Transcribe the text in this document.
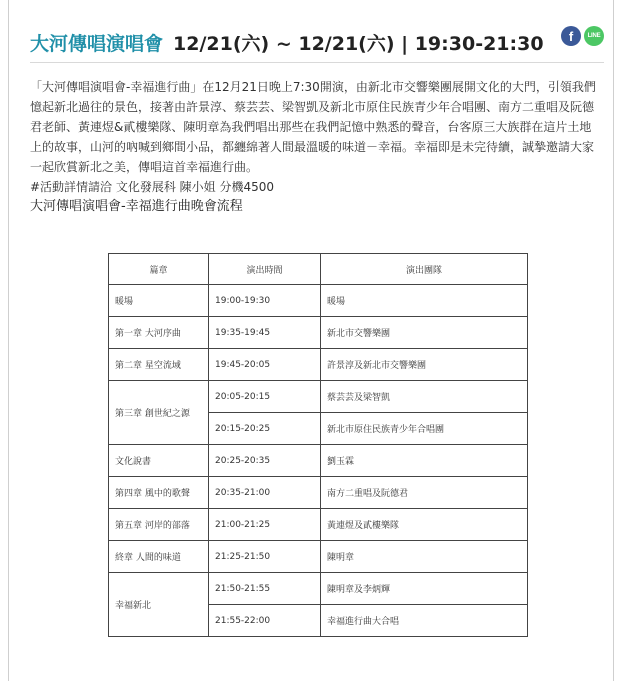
大河傳唱演唱會 12/21(六) ~ 12/21(六) | 19:30-21:30	f	LINE

「大河傳唱演唱會-幸福進行曲」在12月21日晚上7:30開演，由新北市交響樂團展開文化的大門，引領我們憶起新北過往的景色，接著由許景淳、蔡芸芸、梁智凱及新北市原住民族青少年合唱團、南方二重唱及阮德君老師、黃連煜&貳樓樂隊、陳明章為我們唱出那些在我們記憶中熟悉的聲音，台客原三大族群在這片土地上的故事，山河的吶喊到鄉間小品，都纏綿著人間最溫暖的味道－幸福。幸福即是未完待續，誠摯邀請大家一起欣賞新北之美，傳唱這首幸福進行曲。

#活動詳情請洽 文化發展科 陳小姐 分機4500

大河傳唱演唱會-幸福進行曲晚會流程

篇章	演出時間	演出團隊
暖場	19:00-19:30	暖場
第一章 大河序曲	19:35-19:45	新北市交響樂團
第二章 星空流域	19:45-20:05	許景淳及新北市交響樂團
第三章 創世紀之源	20:05-20:15	蔡芸芸及梁智凱
	20:15-20:25	新北市原住民族青少年合唱團
文化說書	20:25-20:35	劉玉霖
第四章 風中的歌聲	20:35-21:00	南方二重唱及阮德君
第五章 河岸的部落	21:00-21:25	黃連煜及貳樓樂隊
終章 人間的味道	21:25-21:50	陳明章
幸福新北	21:50-21:55	陳明章及李炳輝
	21:55-22:00	幸福進行曲大合唱
